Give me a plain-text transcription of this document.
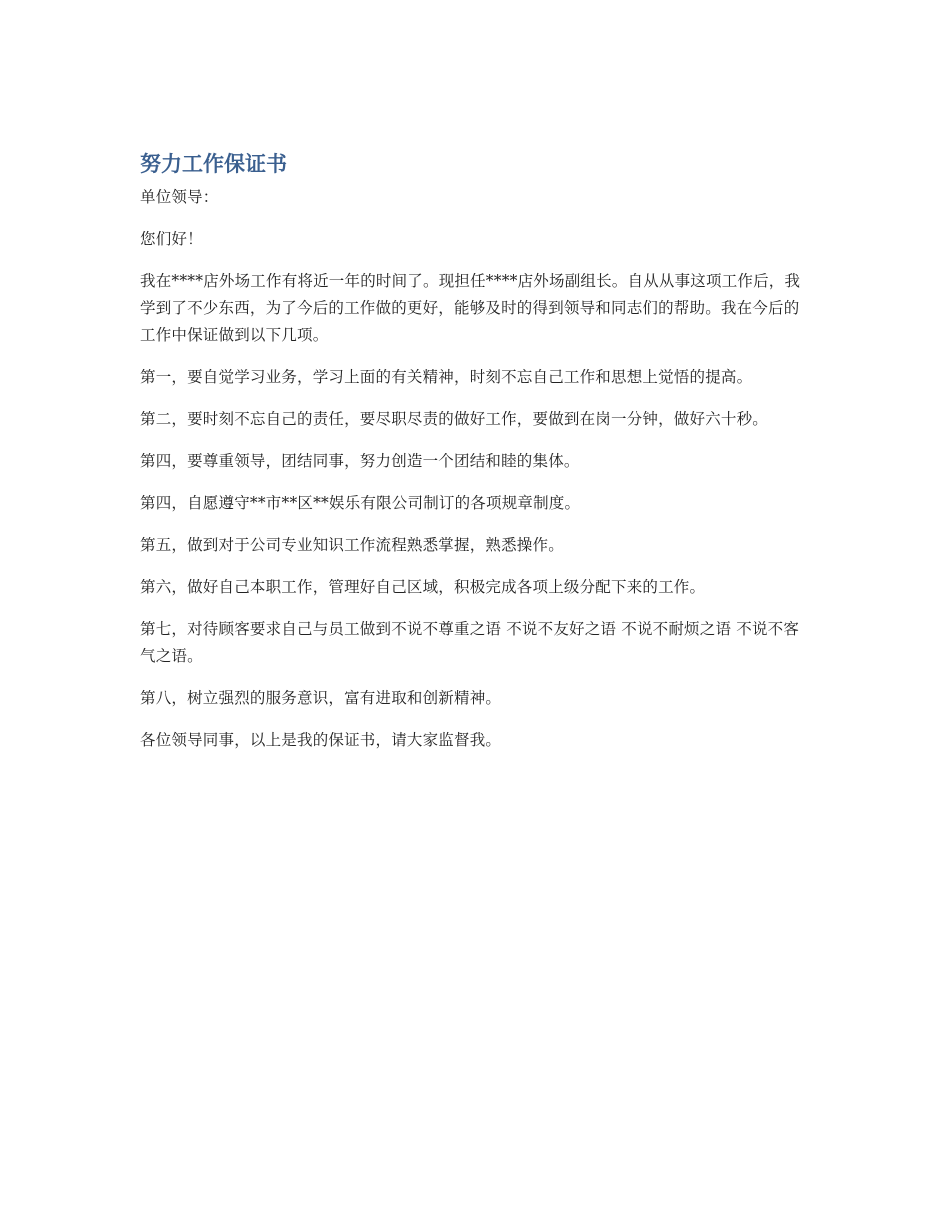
努力工作保证书

单位领导：

您们好！

我在****店外场工作有将近一年的时间了。现担任****店外场副组长。自从从事这项工作后，我学到了不少东西，为了今后的工作做的更好，能够及时的得到领导和同志们的帮助。我在今后的工作中保证做到以下几项。

第一，要自觉学习业务，学习上面的有关精神，时刻不忘自己工作和思想上觉悟的提高。

第二，要时刻不忘自己的责任，要尽职尽责的做好工作，要做到在岗一分钟，做好六十秒。

第四，要尊重领导，团结同事，努力创造一个团结和睦的集体。

第四，自愿遵守**市**区**娱乐有限公司制订的各项规章制度。

第五，做到对于公司专业知识工作流程熟悉掌握，熟悉操作。

第六，做好自己本职工作，管理好自己区域，积极完成各项上级分配下来的工作。

第七，对待顾客要求自己与员工做到不说不尊重之语 不说不友好之语 不说不耐烦之语 不说不客气之语。

第八，树立强烈的服务意识，富有进取和创新精神。

各位领导同事，以上是我的保证书，请大家监督我。
